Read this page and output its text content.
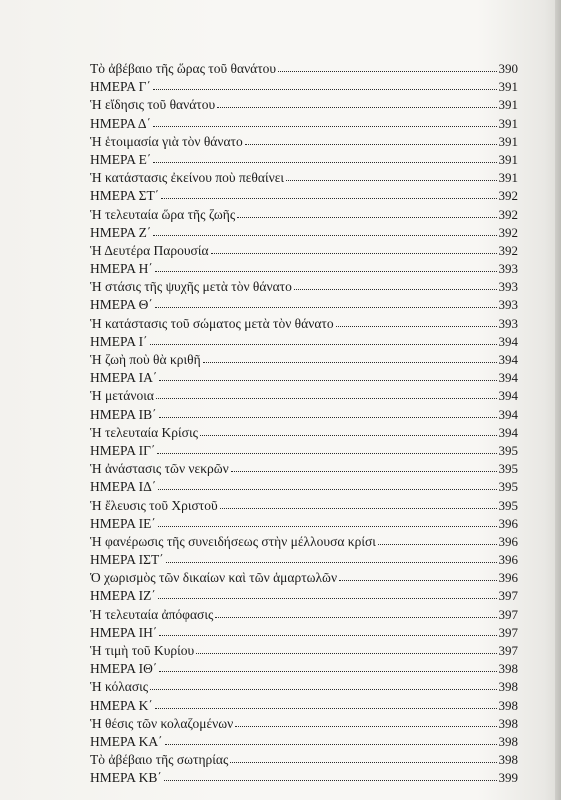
Τὸ ἀβέβαιο τῆς ὥρας τοῦ θανάτου	390
ΗΜΕΡΑ Γ΄	391
Ἡ εἴδησις τοῦ θανάτου	391
ΗΜΕΡΑ Δ΄	391
Ἡ ἑτοιμασία γιὰ τὸν θάνατο	391
ΗΜΕΡΑ Ε΄	391
Ἡ κατάστασις ἐκείνου ποὺ πεθαίνει	391
ΗΜΕΡΑ ΣΤ΄	392
Ἡ τελευταία ὥρα τῆς ζωῆς	392
ΗΜΕΡΑ Ζ΄	392
Ἡ Δευτέρα Παρουσία	392
ΗΜΕΡΑ Η΄	393
Ἡ στάσις τῆς ψυχῆς μετὰ τὸν θάνατο	393
ΗΜΕΡΑ Θ΄	393
Ἡ κατάστασις τοῦ σώματος μετὰ τὸν θάνατο	393
ΗΜΕΡΑ Ι΄	394
Ἡ ζωὴ ποὺ θὰ κριθῆ	394
ΗΜΕΡΑ ΙΑ΄	394
Ἡ μετάνοια	394
ΗΜΕΡΑ ΙΒ΄	394
Ἡ τελευταία Κρίσις	394
ΗΜΕΡΑ ΙΓ΄	395
Ἡ ἀνάστασις τῶν νεκρῶν	395
ΗΜΕΡΑ ΙΔ΄	395
Ἡ ἔλευσις τοῦ Χριστοῦ	395
ΗΜΕΡΑ ΙΕ΄	396
Ἡ φανέρωσις τῆς συνειδήσεως στὴν μέλλουσα κρίσι	396
ΗΜΕΡΑ ΙΣΤ΄	396
Ὁ χωρισμὸς τῶν δικαίων καὶ τῶν ἁμαρτωλῶν	396
ΗΜΕΡΑ ΙΖ΄	397
Ἡ τελευταία ἀπόφασις	397
ΗΜΕΡΑ ΙΗ΄	397
Ἡ τιμὴ τοῦ Κυρίου	397
ΗΜΕΡΑ ΙΘ΄	398
Ἡ κόλασις	398
ΗΜΕΡΑ Κ΄	398
Ἡ θέσις τῶν κολαζομένων	398
ΗΜΕΡΑ ΚΑ΄	398
Τὸ ἀβέβαιο τῆς σωτηρίας	398
ΗΜΕΡΑ ΚΒ΄	399
